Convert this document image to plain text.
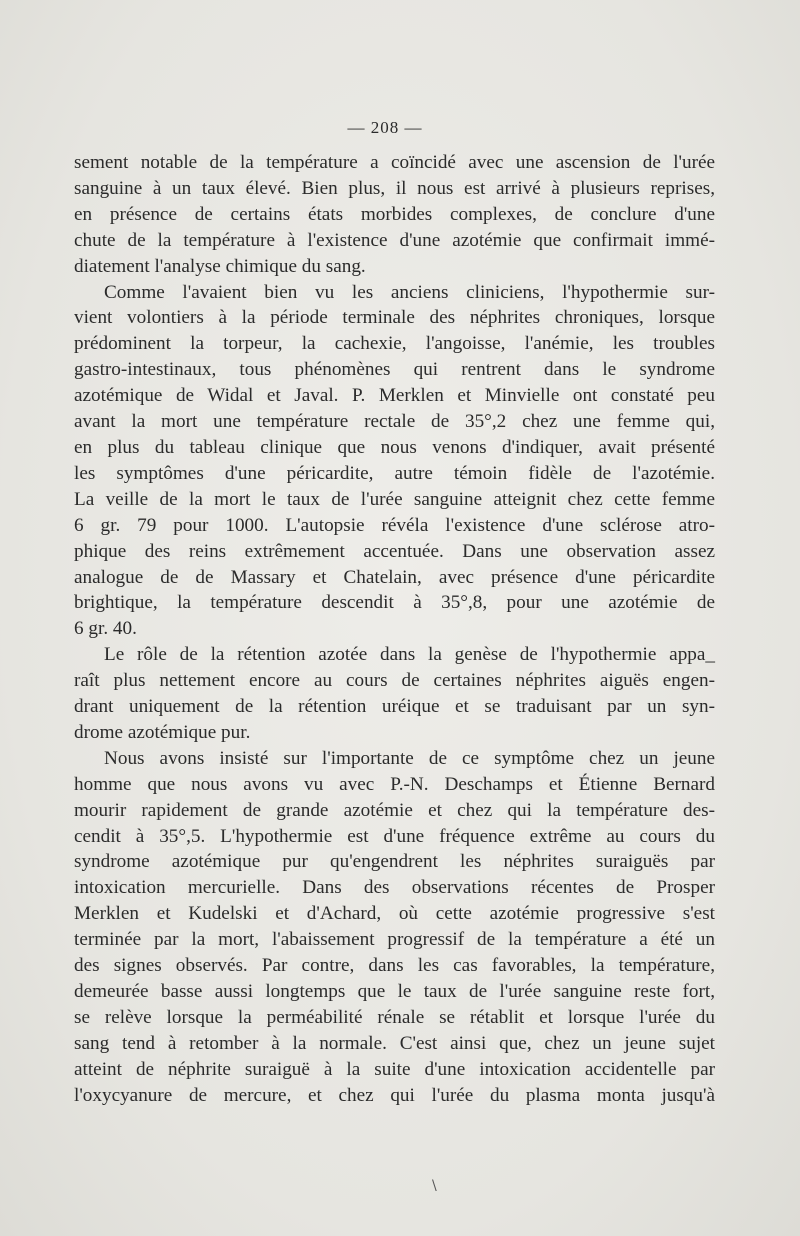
— 208 —
sement notable de la température a coïncidé avec une ascension de l'urée
sanguine à un taux élevé. Bien plus, il nous est arrivé à plusieurs reprises,
en présence de certains états morbides complexes, de conclure d'une
chute de la température à l'existence d'une azotémie que confirmait immé-
diatement l'analyse chimique du sang.
Comme l'avaient bien vu les anciens cliniciens, l'hypothermie sur-
vient volontiers à la période terminale des néphrites chroniques, lorsque
prédominent la torpeur, la cachexie, l'angoisse, l'anémie, les troubles
gastro-intestinaux, tous phénomènes qui rentrent dans le syndrome
azotémique de Widal et Javal. P. Merklen et Minvielle ont constaté peu
avant la mort une température rectale de 35°,2 chez une femme qui,
en plus du tableau clinique que nous venons d'indiquer, avait présenté
les symptômes d'une péricardite, autre témoin fidèle de l'azotémie.
La veille de la mort le taux de l'urée sanguine atteignit chez cette femme
6 gr. 79 pour 1000. L'autopsie révéla l'existence d'une sclérose atro-
phique des reins extrêmement accentuée. Dans une observation assez
analogue de de Massary et Chatelain, avec présence d'une péricardite
brightique, la température descendit à 35°,8, pour une azotémie de
6 gr. 40.
Le rôle de la rétention azotée dans la genèse de l'hypothermie appa_
raît plus nettement encore au cours de certaines néphrites aiguës engen-
drant uniquement de la rétention uréique et se traduisant par un syn-
drome azotémique pur.
Nous avons insisté sur l'importante de ce symptôme chez un jeune
homme que nous avons vu avec P.-N. Deschamps et Étienne Bernard
mourir rapidement de grande azotémie et chez qui la température des-
cendit à 35°,5. L'hypothermie est d'une fréquence extrême au cours du
syndrome azotémique pur qu'engendrent les néphrites suraiguës par
intoxication mercurielle. Dans des observations récentes de Prosper
Merklen et Kudelski et d'Achard, où cette azotémie progressive s'est
terminée par la mort, l'abaissement progressif de la température a été un
des signes observés. Par contre, dans les cas favorables, la température,
demeurée basse aussi longtemps que le taux de l'urée sanguine reste fort,
se relève lorsque la perméabilité rénale se rétablit et lorsque l'urée du
sang tend à retomber à la normale. C'est ainsi que, chez un jeune sujet
atteint de néphrite suraiguë à la suite d'une intoxication accidentelle par
l'oxycyanure de mercure, et chez qui l'urée du plasma monta jusqu'à
\
